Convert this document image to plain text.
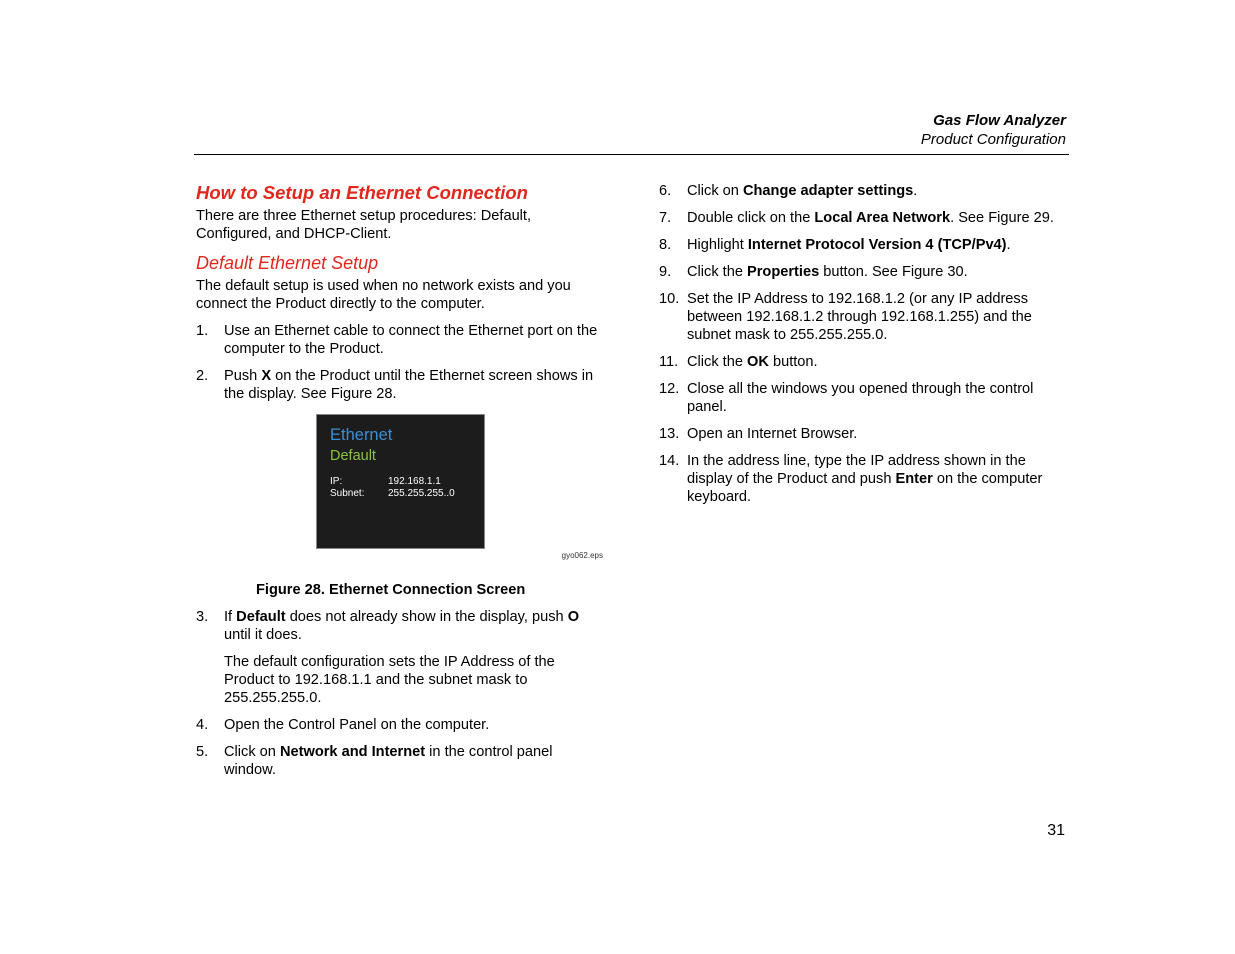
Gas Flow Analyzer
Product Configuration
How to Setup an Ethernet Connection

There are three Ethernet setup procedures: Default, Configured, and DHCP-Client.

Default Ethernet Setup

The default setup is used when no network exists and you connect the Product directly to the computer.

1. Use an Ethernet cable to connect the Ethernet port on the computer to the Product.
2. Push X on the Product until the Ethernet screen shows in the display. See Figure 28.
Ethernet
Default
IP:	192.168.1.1
Subnet: 255.255.255..0
gyo062.eps
Figure 28. Ethernet Connection Screen
3. If Default does not already show in the display, push O until it does.

The default configuration sets the IP Address of the Product to 192.168.1.1 and the subnet mask to 255.255.255.0.

4. Open the Control Panel on the computer.
5. Click on Network and Internet in the control panel window.
6. Click on Change adapter settings.
7. Double click on the Local Area Network. See Figure 29.
8. Highlight Internet Protocol Version 4 (TCP/Pv4).
9. Click the Properties button. See Figure 30.
10. Set the IP Address to 192.168.1.2 (or any IP address between 192.168.1.2 through 192.168.1.255) and the subnet mask to 255.255.255.0.
11. Click the OK button.
12. Close all the windows you opened through the control panel.
13. Open an Internet Browser.
14. In the address line, type the IP address shown in the display of the Product and push Enter on the computer keyboard.
31
